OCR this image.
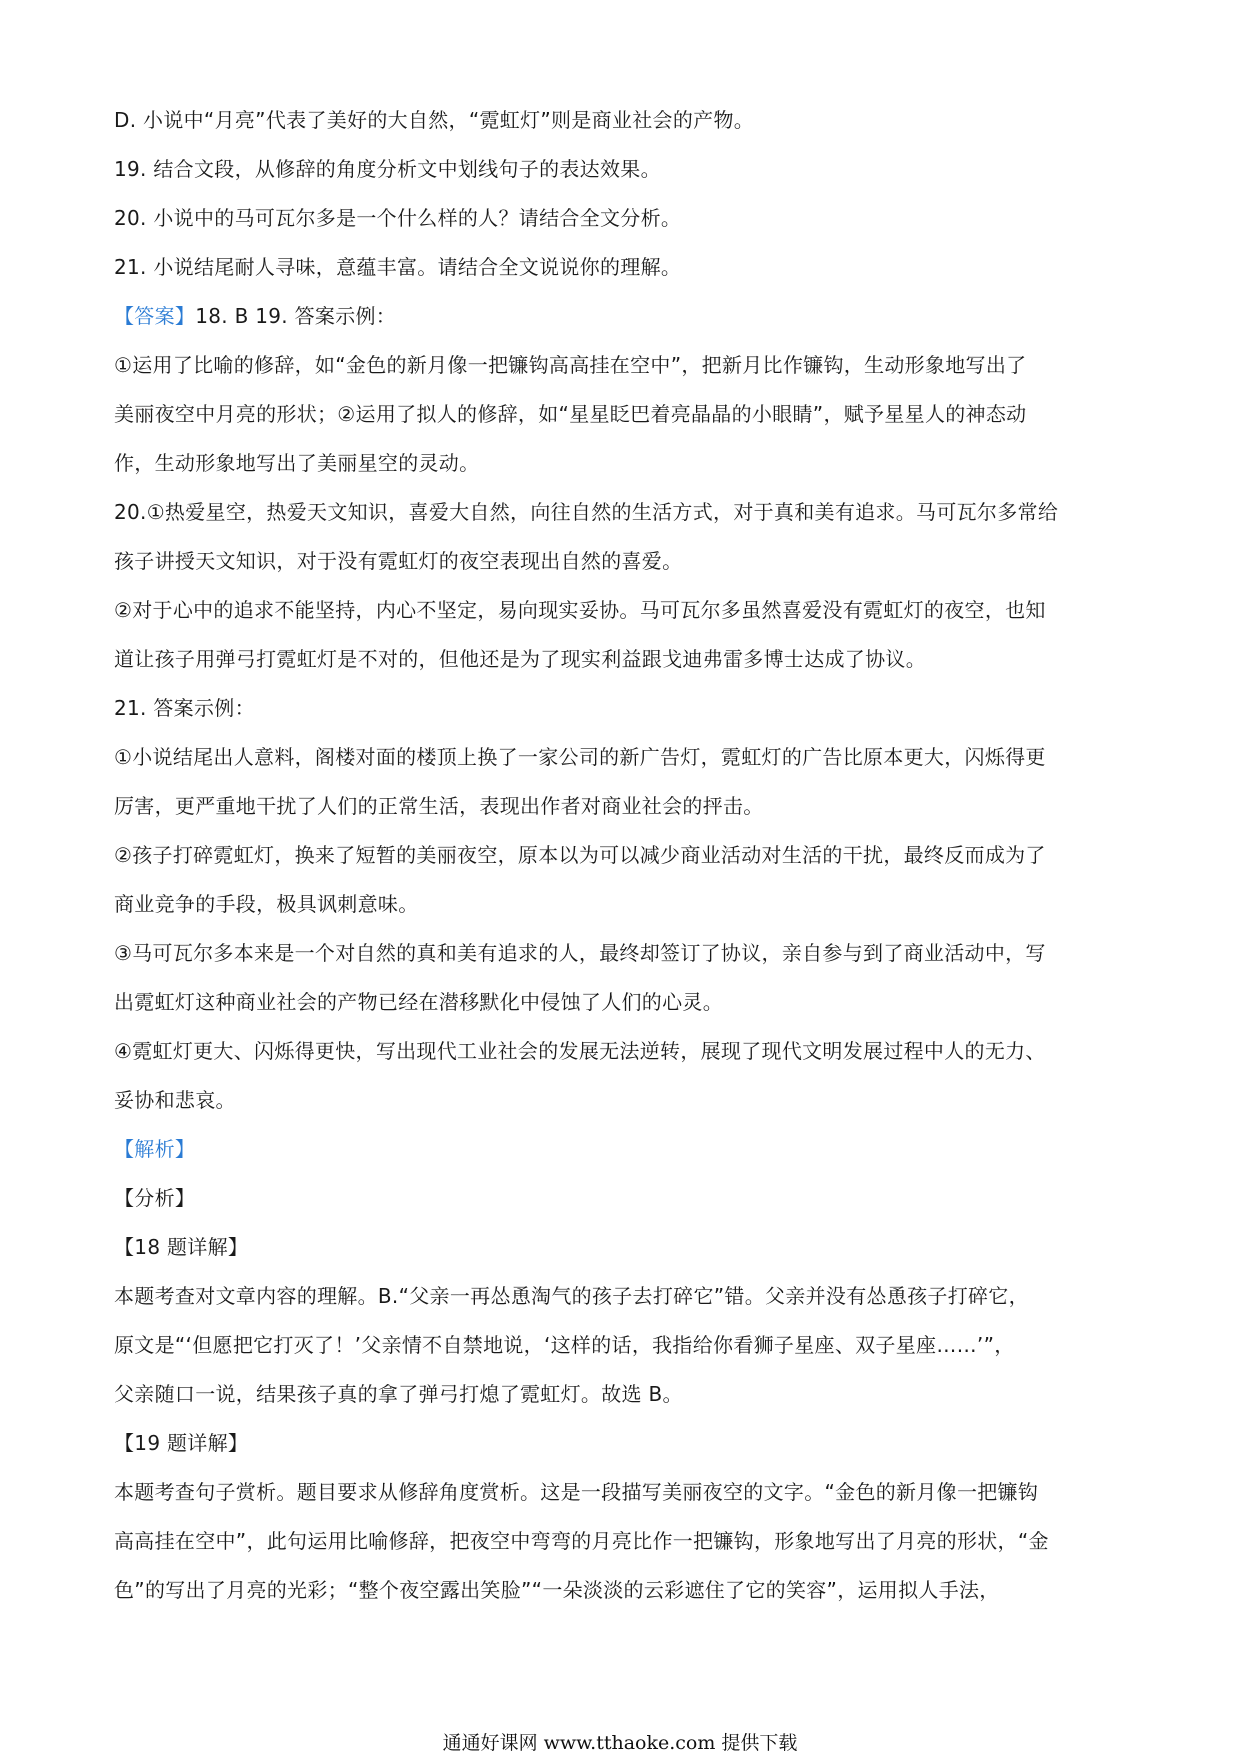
D. 小说中“月亮”代表了美好的大自然，“霓虹灯”则是商业社会的产物。
19. 结合文段，从修辞的角度分析文中划线句子的表达效果。
20. 小说中的马可瓦尔多是一个什么样的人？请结合全文分析。
21. 小说结尾耐人寻味，意蕴丰富。请结合全文说说你的理解。
【答案】18. B 19. 答案示例：
①运用了比喻的修辞，如“金色的新月像一把镰钩高高挂在空中”，把新月比作镰钩，生动形象地写出了
美丽夜空中月亮的形状；②运用了拟人的修辞，如“星星眨巴着亮晶晶的小眼睛”，赋予星星人的神态动
作，生动形象地写出了美丽星空的灵动。
20.①热爱星空，热爱天文知识，喜爱大自然，向往自然的生活方式，对于真和美有追求。马可瓦尔多常给
孩子讲授天文知识，对于没有霓虹灯的夜空表现出自然的喜爱。
②对于心中的追求不能坚持，内心不坚定，易向现实妥协。马可瓦尔多虽然喜爱没有霓虹灯的夜空，也知
道让孩子用弹弓打霓虹灯是不对的，但他还是为了现实利益跟戈迪弗雷多博士达成了协议。
21. 答案示例：
①小说结尾出人意料，阁楼对面的楼顶上换了一家公司的新广告灯，霓虹灯的广告比原本更大，闪烁得更
厉害，更严重地干扰了人们的正常生活，表现出作者对商业社会的抨击。
②孩子打碎霓虹灯，换来了短暂的美丽夜空，原本以为可以减少商业活动对生活的干扰，最终反而成为了
商业竞争的手段，极具讽刺意味。
③马可瓦尔多本来是一个对自然的真和美有追求的人，最终却签订了协议，亲自参与到了商业活动中，写
出霓虹灯这种商业社会的产物已经在潜移默化中侵蚀了人们的心灵。
④霓虹灯更大、闪烁得更快，写出现代工业社会的发展无法逆转，展现了现代文明发展过程中人的无力、
妥协和悲哀。
【解析】
【分析】
【18 题详解】
本题考查对文章内容的理解。B.“父亲一再怂恿淘气的孩子去打碎它”错。父亲并没有怂恿孩子打碎它，
原文是“‘但愿把它打灭了！’父亲情不自禁地说，‘这样的话，我指给你看狮子星座、双子星座……’”，
父亲随口一说，结果孩子真的拿了弹弓打熄了霓虹灯。故选 B。
【19 题详解】
本题考查句子赏析。题目要求从修辞角度赏析。这是一段描写美丽夜空的文字。“金色的新月像一把镰钩
高高挂在空中”，此句运用比喻修辞，把夜空中弯弯的月亮比作一把镰钩，形象地写出了月亮的形状，“金
色”的写出了月亮的光彩；“整个夜空露出笑脸”“一朵淡淡的云彩遮住了它的笑容”，运用拟人手法，
通通好课网 www.tthaoke.com 提供下载
